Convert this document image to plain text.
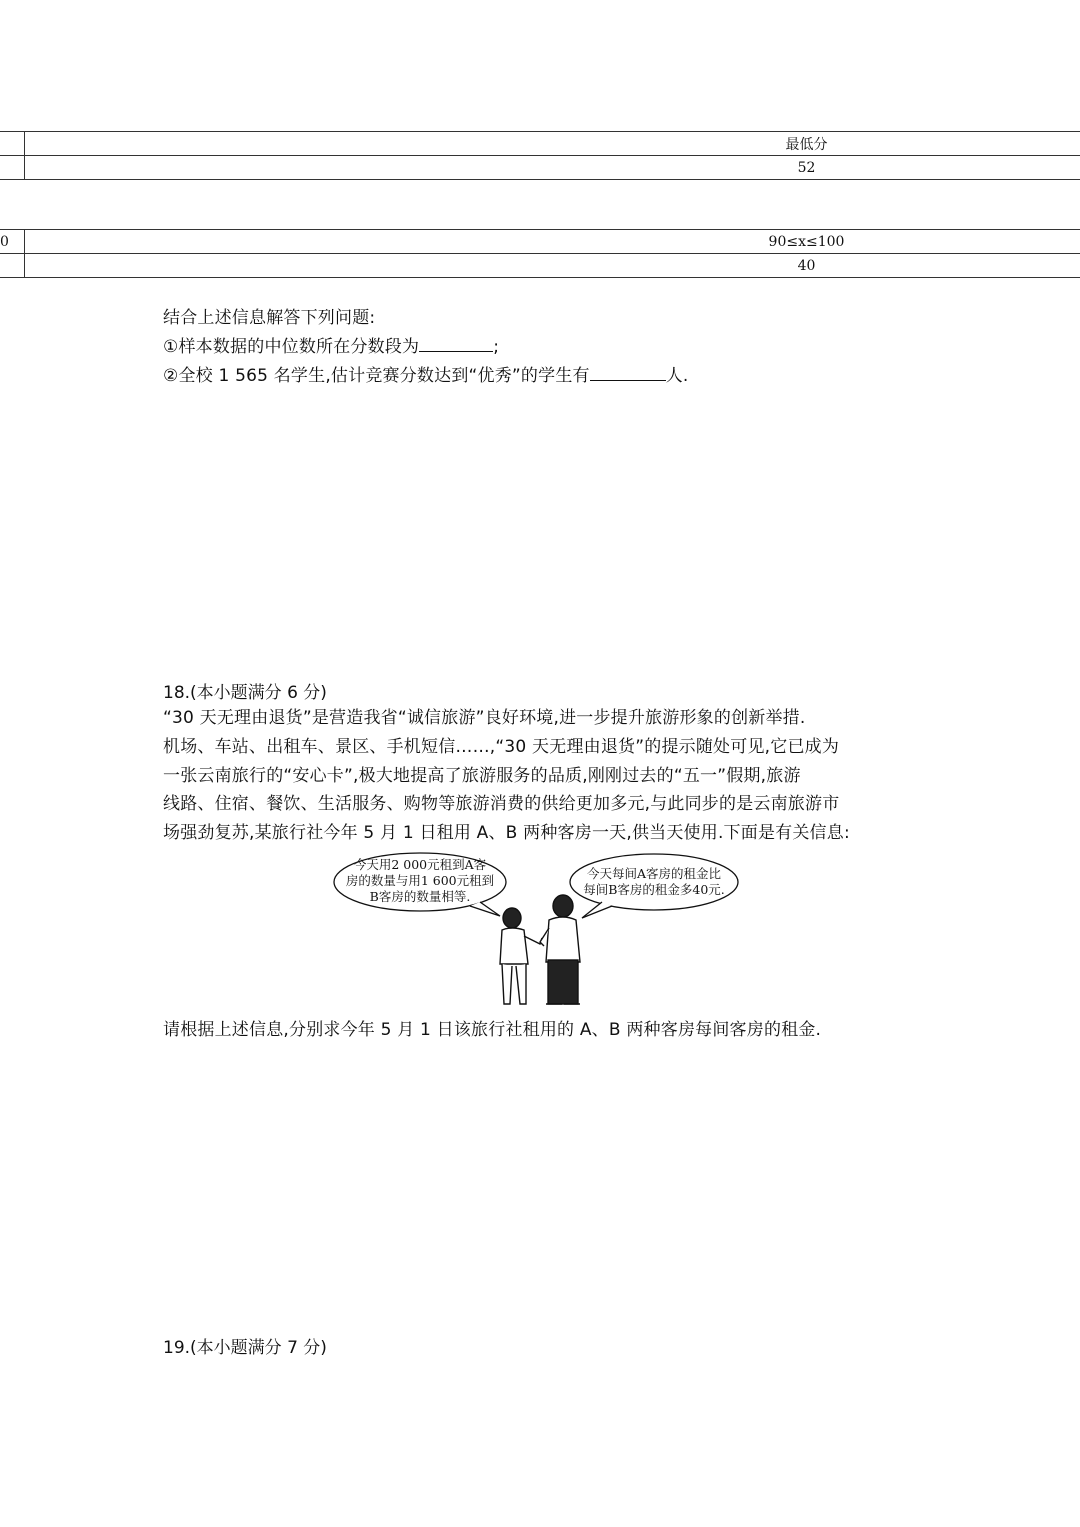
	最低分
	52
0	90≤x≤100
	40
结合上述信息解答下列问题:
①样本数据的中位数所在分数段为	;
②全校 1 565 名学生,估计竞赛分数达到“优秀”的学生有	人.
18.(本小题满分 6 分)
“30 天无理由退货”是营造我省“诚信旅游”良好环境,进一步提升旅游形象的创新举措.
机场、车站、出租车、景区、手机短信……,“30 天无理由退货”的提示随处可见,它已成为
一张云南旅行的“安心卡”,极大地提高了旅游服务的品质,刚刚过去的“五一”假期,旅游
线路、住宿、餐饮、生活服务、购物等旅游消费的供给更加多元,与此同步的是云南旅游市
场强劲复苏,某旅行社今年 5 月 1 日租用 A、B 两种客房一天,供当天使用.下面是有关信息:
今天用2 000元租到A客
房的数量与用1 600元租到
B客房的数量相等.
今天每间A客房的租金比
每间B客房的租金多40元.
请根据上述信息,分别求今年 5 月 1 日该旅行社租用的 A、B 两种客房每间客房的租金.
19.(本小题满分 7 分)
